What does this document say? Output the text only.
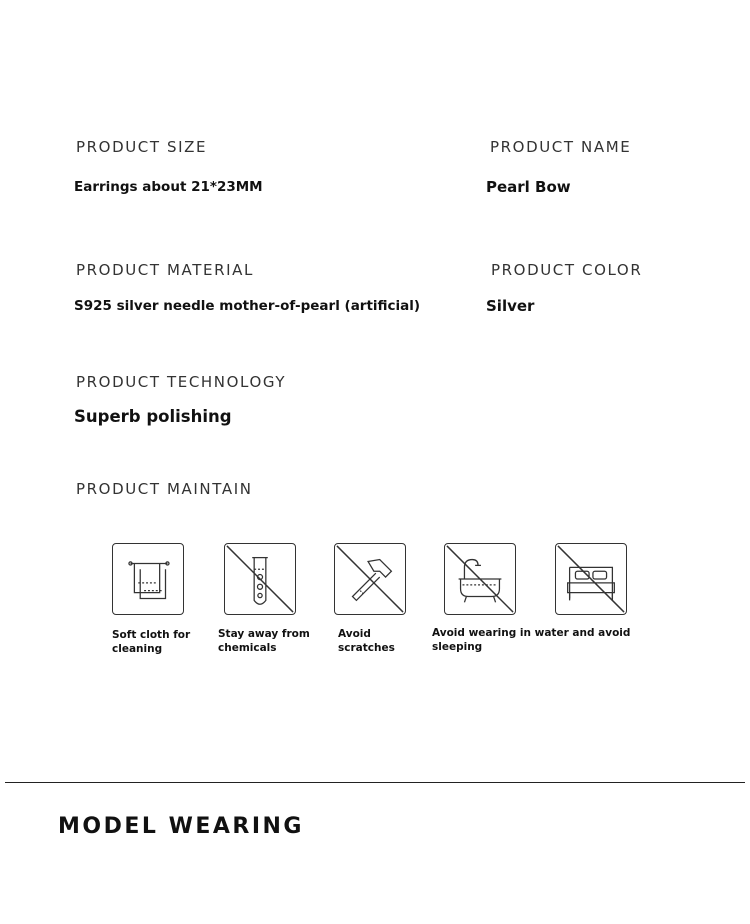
PRODUCT SIZE
Earrings about 21*23MM
PRODUCT NAME
Pearl Bow
PRODUCT MATERIAL
S925 silver needle mother-of-pearl (artificial)
PRODUCT COLOR
Silver
PRODUCT TECHNOLOGY
Superb polishing
PRODUCT MAINTAIN
Soft cloth for
cleaning
Stay away from
chemicals
Avoid
scratches
Avoid wearing in water and avoid
sleeping
MODEL WEARING
